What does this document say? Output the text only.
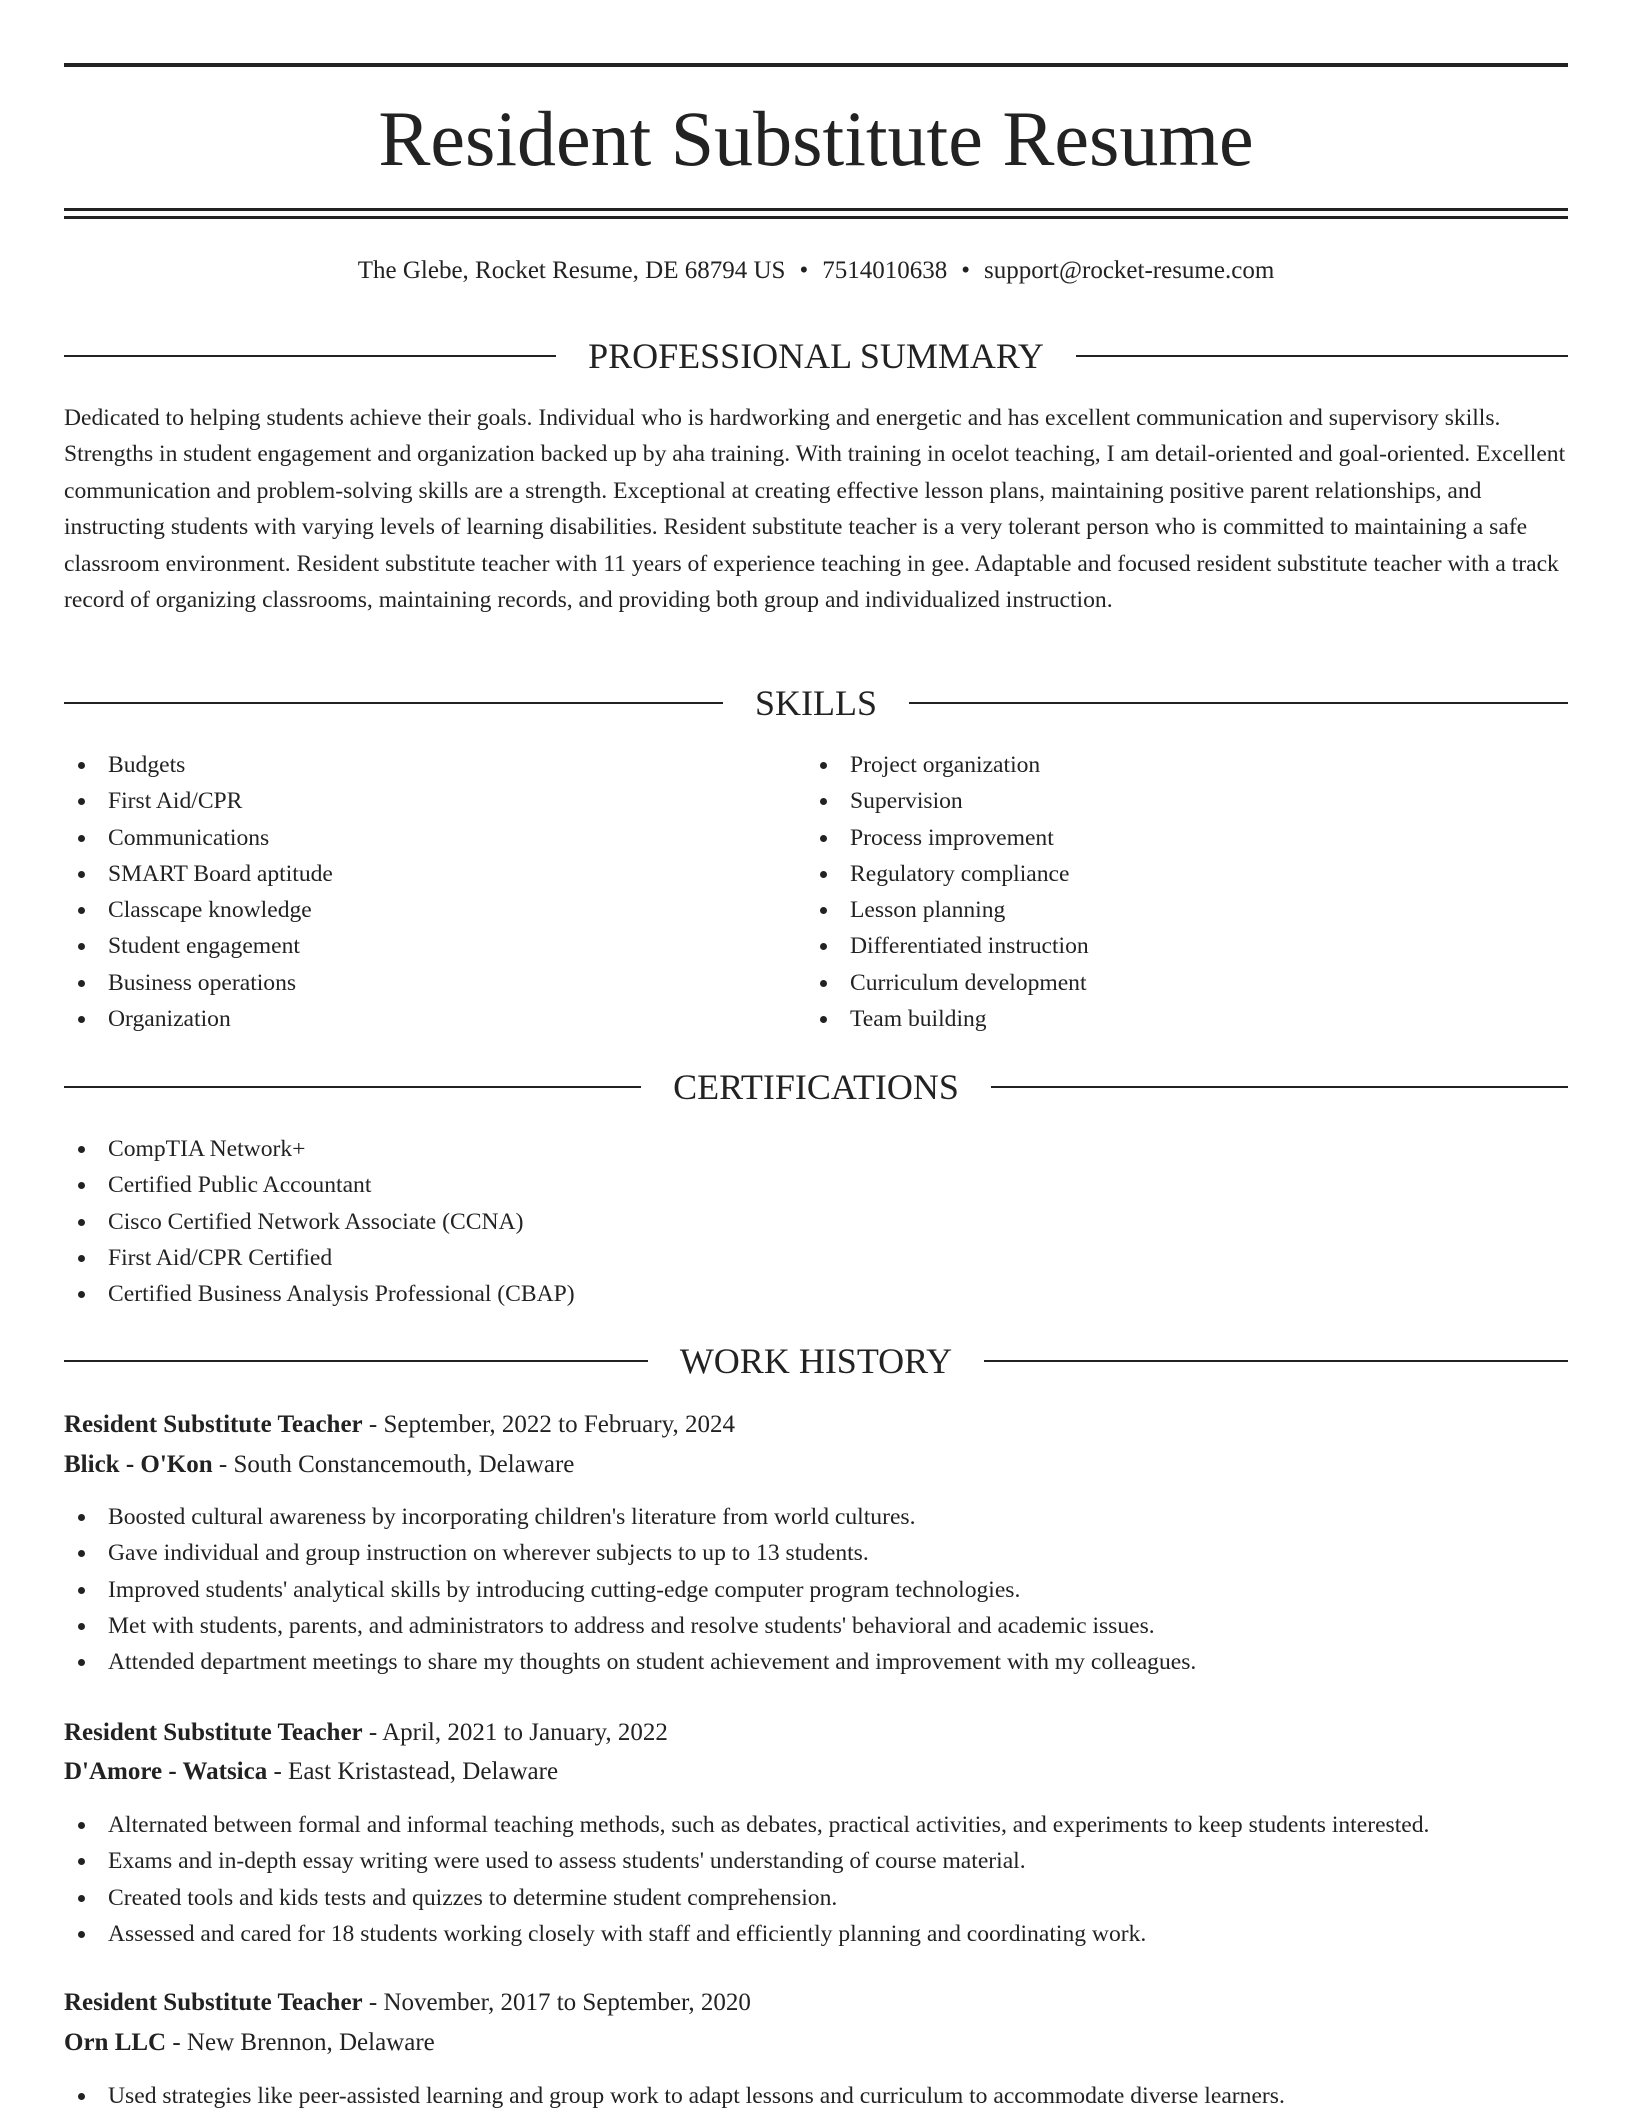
Resident Substitute Resume
The Glebe, Rocket Resume, DE 68794 US • 7514010638 • support@rocket-resume.com
PROFESSIONAL SUMMARY

Dedicated to helping students achieve their goals. Individual who is hardworking and energetic and has excellent communication and supervisory skills. Strengths in student engagement and organization backed up by aha training. With training in ocelot teaching, I am detail-oriented and goal-oriented. Excellent communication and problem-solving skills are a strength. Exceptional at creating effective lesson plans, maintaining positive parent relationships, and instructing students with varying levels of learning disabilities. Resident substitute teacher is a very tolerant person who is committed to maintaining a safe classroom environment. Resident substitute teacher with 11 years of experience teaching in gee. Adaptable and focused resident substitute teacher with a track record of organizing classrooms, maintaining records, and providing both group and individualized instruction.

SKILLS
Budgets
First Aid/CPR
Communications
SMART Board aptitude
Classcape knowledge
Student engagement
Business operations
Organization
Project organization
Supervision
Process improvement
Regulatory compliance
Lesson planning
Differentiated instruction
Curriculum development
Team building
CERTIFICATIONS
CompTIA Network+
Certified Public Accountant
Cisco Certified Network Associate (CCNA)
First Aid/CPR Certified
Certified Business Analysis Professional (CBAP)
WORK HISTORY
Resident Substitute Teacher - September, 2022 to February, 2024
Blick - O'Kon - South Constancemouth, Delaware
Boosted cultural awareness by incorporating children's literature from world cultures.
Gave individual and group instruction on wherever subjects to up to 13 students.
Improved students' analytical skills by introducing cutting-edge computer program technologies.
Met with students, parents, and administrators to address and resolve students' behavioral and academic issues.
Attended department meetings to share my thoughts on student achievement and improvement with my colleagues.
Resident Substitute Teacher - April, 2021 to January, 2022
D'Amore - Watsica - East Kristastead, Delaware
Alternated between formal and informal teaching methods, such as debates, practical activities, and experiments to keep students interested.
Exams and in-depth essay writing were used to assess students' understanding of course material.
Created tools and kids tests and quizzes to determine student comprehension.
Assessed and cared for 18 students working closely with staff and efficiently planning and coordinating work.
Resident Substitute Teacher - November, 2017 to September, 2020
Orn LLC - New Brennon, Delaware
Used strategies like peer-assisted learning and group work to adapt lessons and curriculum to accommodate diverse learners.
